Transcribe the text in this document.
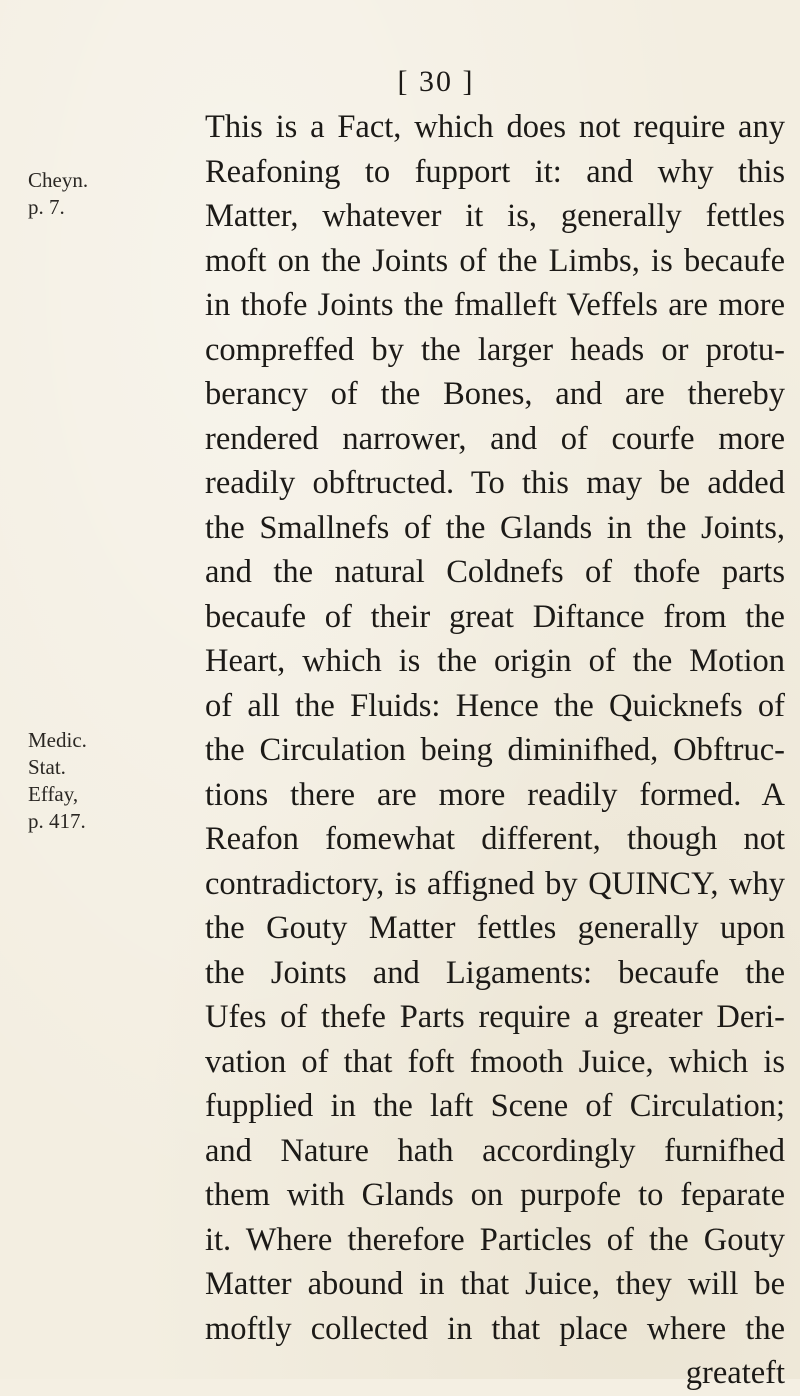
[ 30 ]
Cheyn.
p. 7.
Medic.
Stat.
Effay,
p. 417.
This is a Fact, which does not require any
Reafoning to fupport it: and why this
Matter, whatever it is, generally fettles
moft on the Joints of the Limbs, is becaufe
in thofe Joints the fmalleft Veffels are more
compreffed by the larger heads or protu-
berancy of the Bones, and are thereby
rendered narrower, and of courfe more
readily obftructed. To this may be added
the Smallnefs of the Glands in the Joints,
and the natural Coldnefs of thofe parts
becaufe of their great Diftance from the
Heart, which is the origin of the Motion
of all the Fluids: Hence the Quicknefs of
the Circulation being diminifhed, Obftruc-
tions there are more readily formed. A
Reafon fomewhat different, though not
contradictory, is affigned by QUINCY, why
the Gouty Matter fettles generally upon
the Joints and Ligaments: becaufe the
Ufes of thefe Parts require a greater Deri-
vation of that foft fmooth Juice, which is
fupplied in the laft Scene of Circulation;
and Nature hath accordingly furnifhed
them with Glands on purpofe to feparate
it. Where therefore Particles of the Gouty
Matter abound in that Juice, they will be
moftly collected in that place where the
greateft
